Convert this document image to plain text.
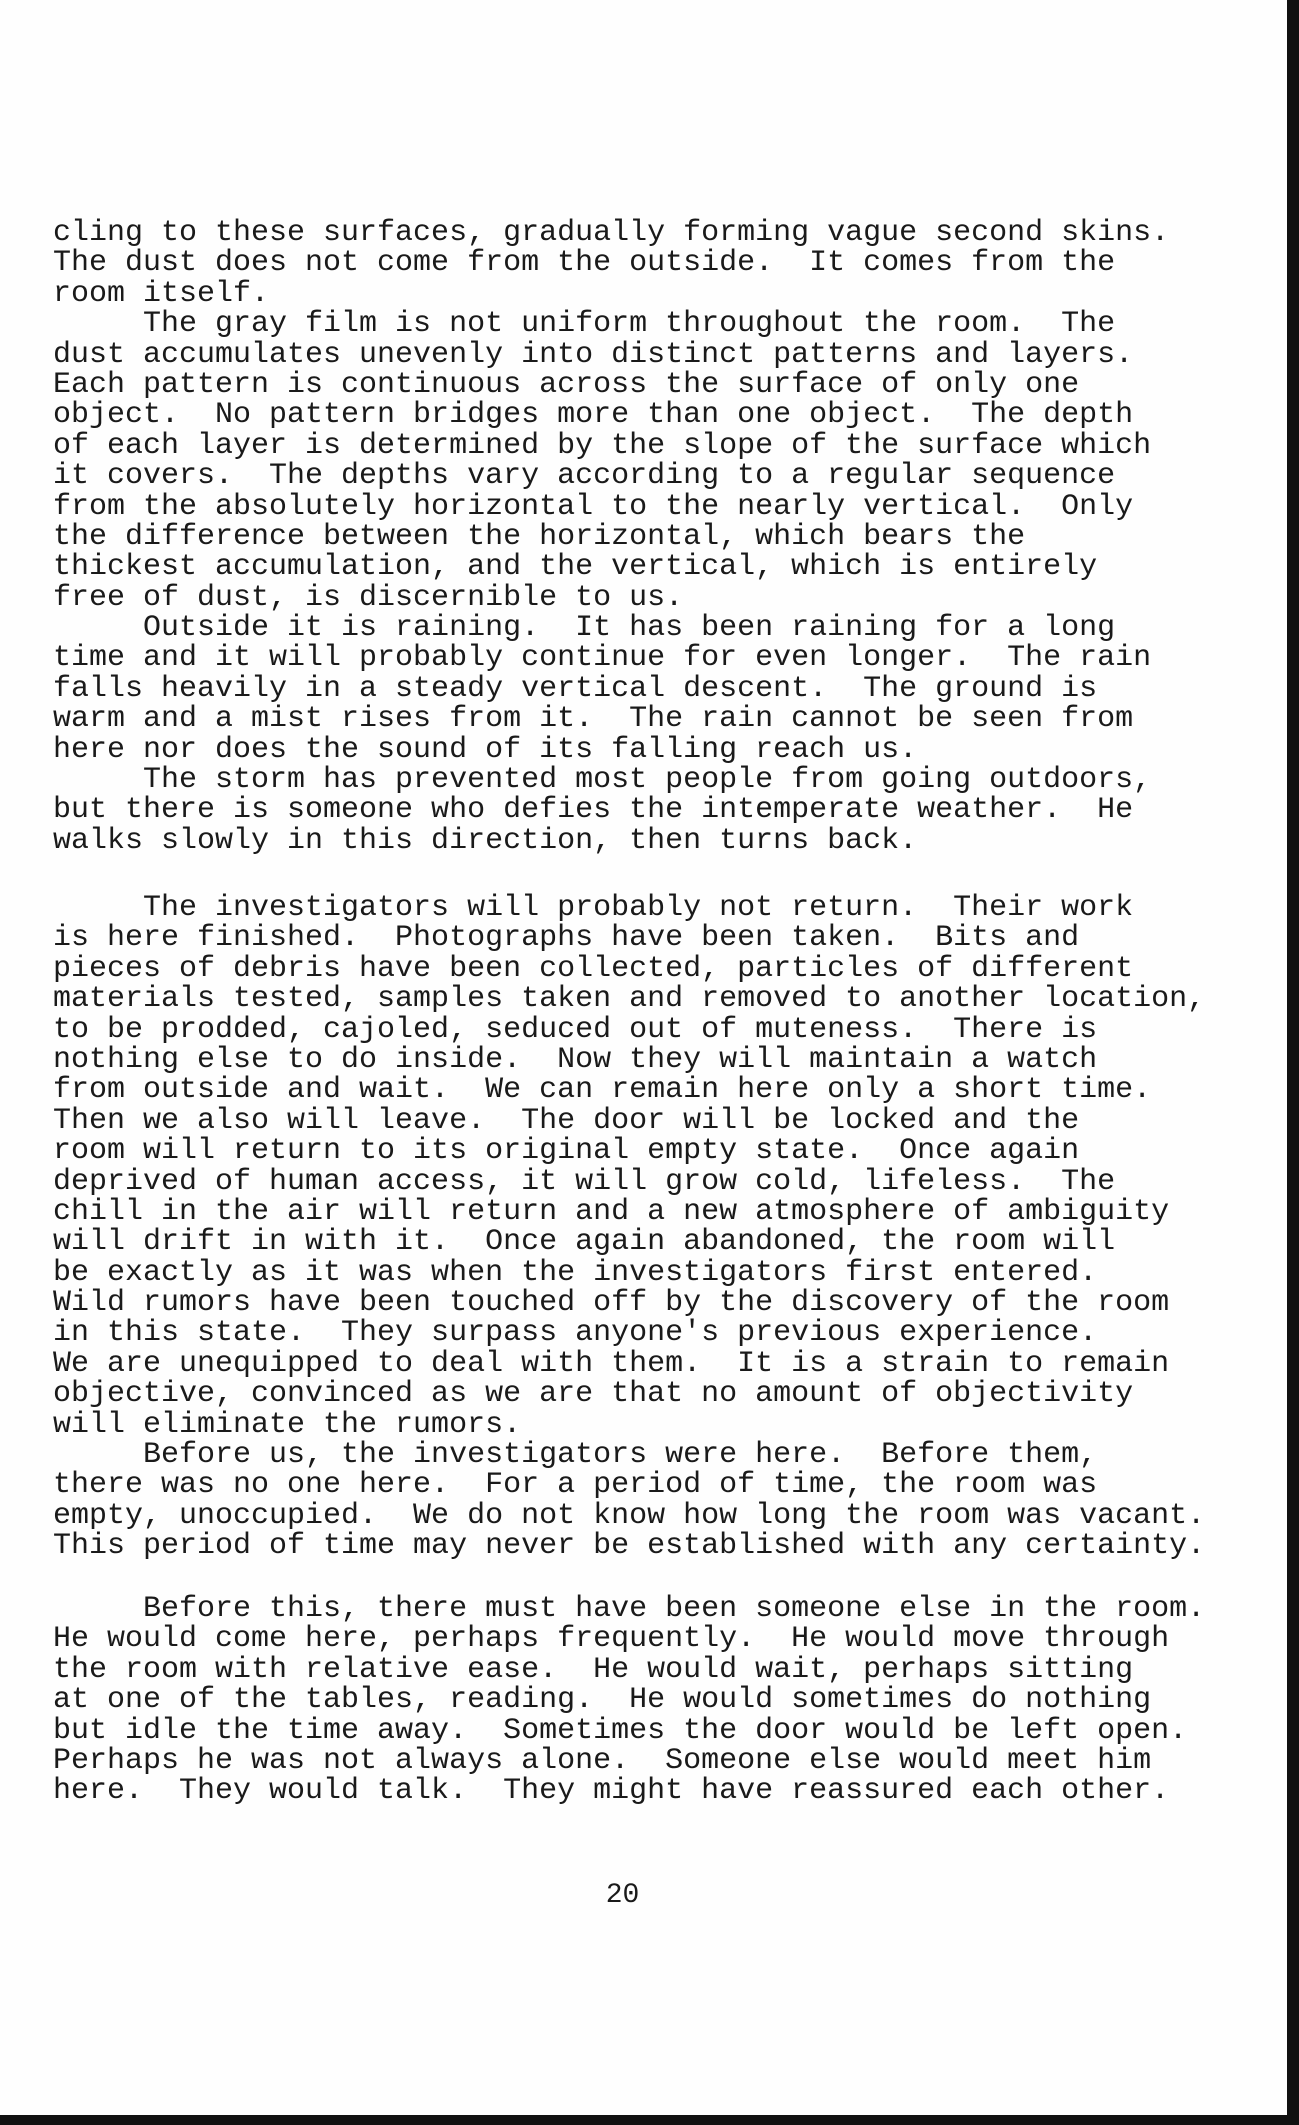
cling to these surfaces, gradually forming vague second skins.
The dust does not come from the outside.  It comes from the
room itself.
The gray film is not uniform throughout the room.  The
dust accumulates unevenly into distinct patterns and layers.
Each pattern is continuous across the surface of only one
object.  No pattern bridges more than one object.  The depth
of each layer is determined by the slope of the surface which
it covers.  The depths vary according to a regular sequence
from the absolutely horizontal to the nearly vertical.  Only
the difference between the horizontal, which bears the
thickest accumulation, and the vertical, which is entirely
free of dust, is discernible to us.
Outside it is raining.  It has been raining for a long
time and it will probably continue for even longer.  The rain
falls heavily in a steady vertical descent.  The ground is
warm and a mist rises from it.  The rain cannot be seen from
here nor does the sound of its falling reach us.
The storm has prevented most people from going outdoors,
but there is someone who defies the intemperate weather.  He
walks slowly in this direction, then turns back.
The investigators will probably not return.  Their work
is here finished.  Photographs have been taken.  Bits and
pieces of debris have been collected, particles of different
materials tested, samples taken and removed to another location,
to be prodded, cajoled, seduced out of muteness.  There is
nothing else to do inside.  Now they will maintain a watch
from outside and wait.  We can remain here only a short time.
Then we also will leave.  The door will be locked and the
room will return to its original empty state.  Once again
deprived of human access, it will grow cold, lifeless.  The
chill in the air will return and a new atmosphere of ambiguity
will drift in with it.  Once again abandoned, the room will
be exactly as it was when the investigators first entered.
Wild rumors have been touched off by the discovery of the room
in this state.  They surpass anyone's previous experience.
We are unequipped to deal with them.  It is a strain to remain
objective, convinced as we are that no amount of objectivity
will eliminate the rumors.
Before us, the investigators were here.  Before them,
there was no one here.  For a period of time, the room was
empty, unoccupied.  We do not know how long the room was vacant.
This period of time may never be established with any certainty.
Before this, there must have been someone else in the room.
He would come here, perhaps frequently.  He would move through
the room with relative ease.  He would wait, perhaps sitting
at one of the tables, reading.  He would sometimes do nothing
but idle the time away.  Sometimes the door would be left open.
Perhaps he was not always alone.  Someone else would meet him
here.  They would talk.  They might have reassured each other.
20
